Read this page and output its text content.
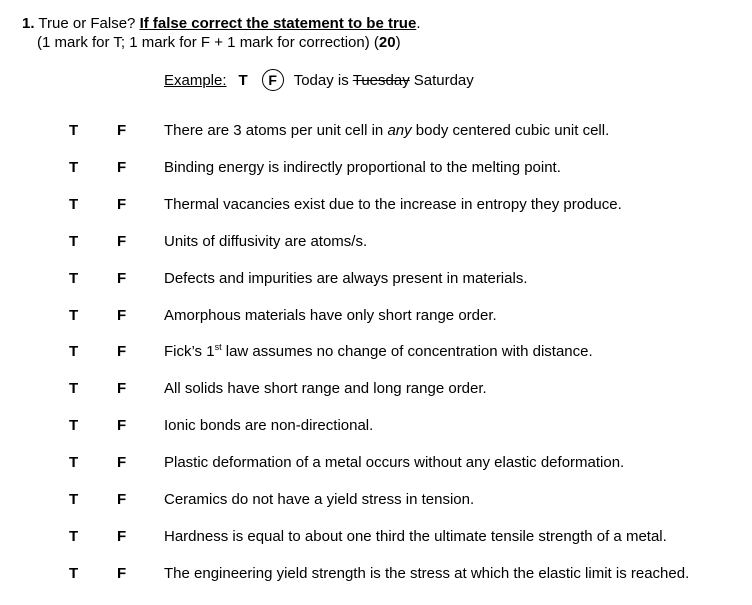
1. True or False? If false correct the statement to be true.
(1 mark for T; 1 mark for F + 1 mark for correction) (20)
Example: T	F	Today is Tuesday Saturday
T	F	There are 3 atoms per unit cell in any body centered cubic unit cell.
T	F	Binding energy is indirectly proportional to the melting point.
T	F	Thermal vacancies exist due to the increase in entropy they produce.
T	F	Units of diffusivity are atoms/s.
T	F	Defects and impurities are always present in materials.
T	F	Amorphous materials have only short range order.
T	F	Fick’s 1st law assumes no change of concentration with distance.
T	F	All solids have short range and long range order.
T	F	Ionic bonds are non-directional.
T	F	Plastic deformation of a metal occurs without any elastic deformation.
T	F	Ceramics do not have a yield stress in tension.
T	F	Hardness is equal to about one third the ultimate tensile strength of a metal.
T	F	The engineering yield strength is the stress at which the elastic limit is reached.
